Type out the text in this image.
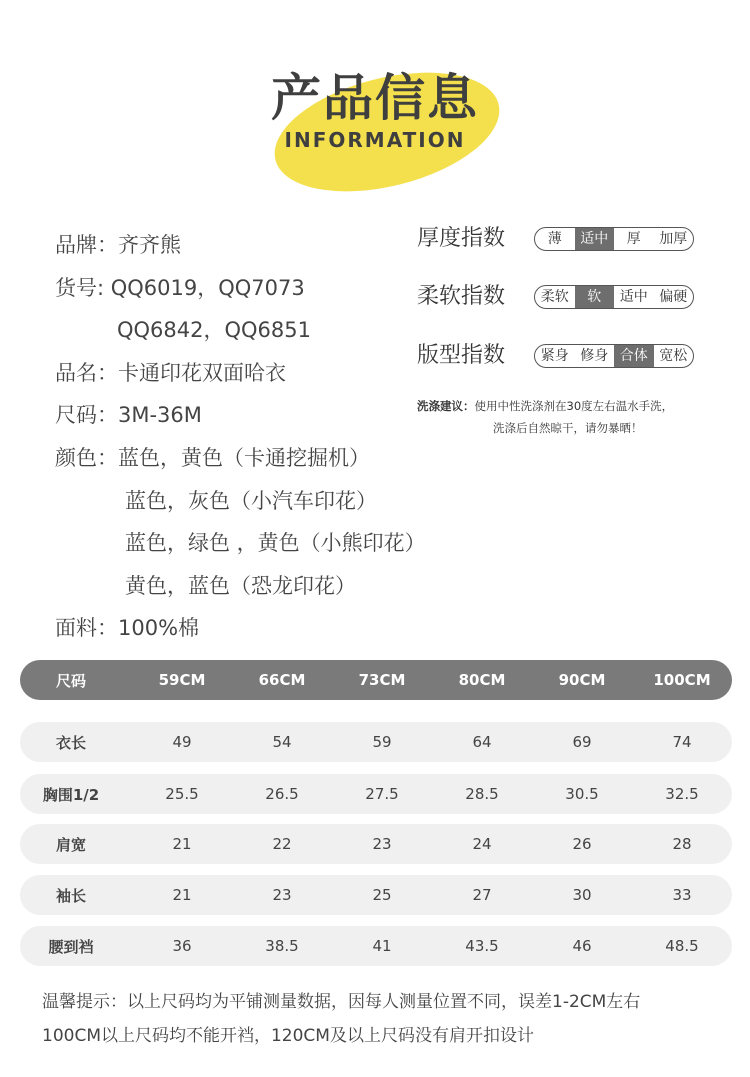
产品信息
INFORMATION
品牌：齐齐熊
货号: QQ6019，QQ7073
QQ6842，QQ6851
品名：卡通印花双面哈衣
尺码：3M-36M
颜色：蓝色，黄色（卡通挖掘机）
蓝色，灰色（小汽车印花）
蓝色，绿色 ，黄色（小熊印花）
黄色，蓝色（恐龙印花）
面料：100%棉
厚度指数	薄	适中	厚	加厚
柔软指数	柔软	软	适中 偏硬
版型指数	紧身 修身 合体 宽松
洗涤建议：使用中性洗涤剂在30度左右温水手洗，
洗涤后自然晾干，请勿暴晒！
尺码	59CM	66CM	73CM	80CM	90CM	100CM
衣长	49	54	59	64	69	74
胸围1/2	25.5	26.5	27.5	28.5	30.5	32.5
肩宽	21	22	23	24	26	28
袖长	21	23	25	27	30	33
腰到裆	36	38.5	41	43.5	46	48.5
温馨提示：以上尺码均为平铺测量数据，因每人测量位置不同，误差1-2CM左右
100CM以上尺码均不能开裆，120CM及以上尺码没有肩开扣设计
